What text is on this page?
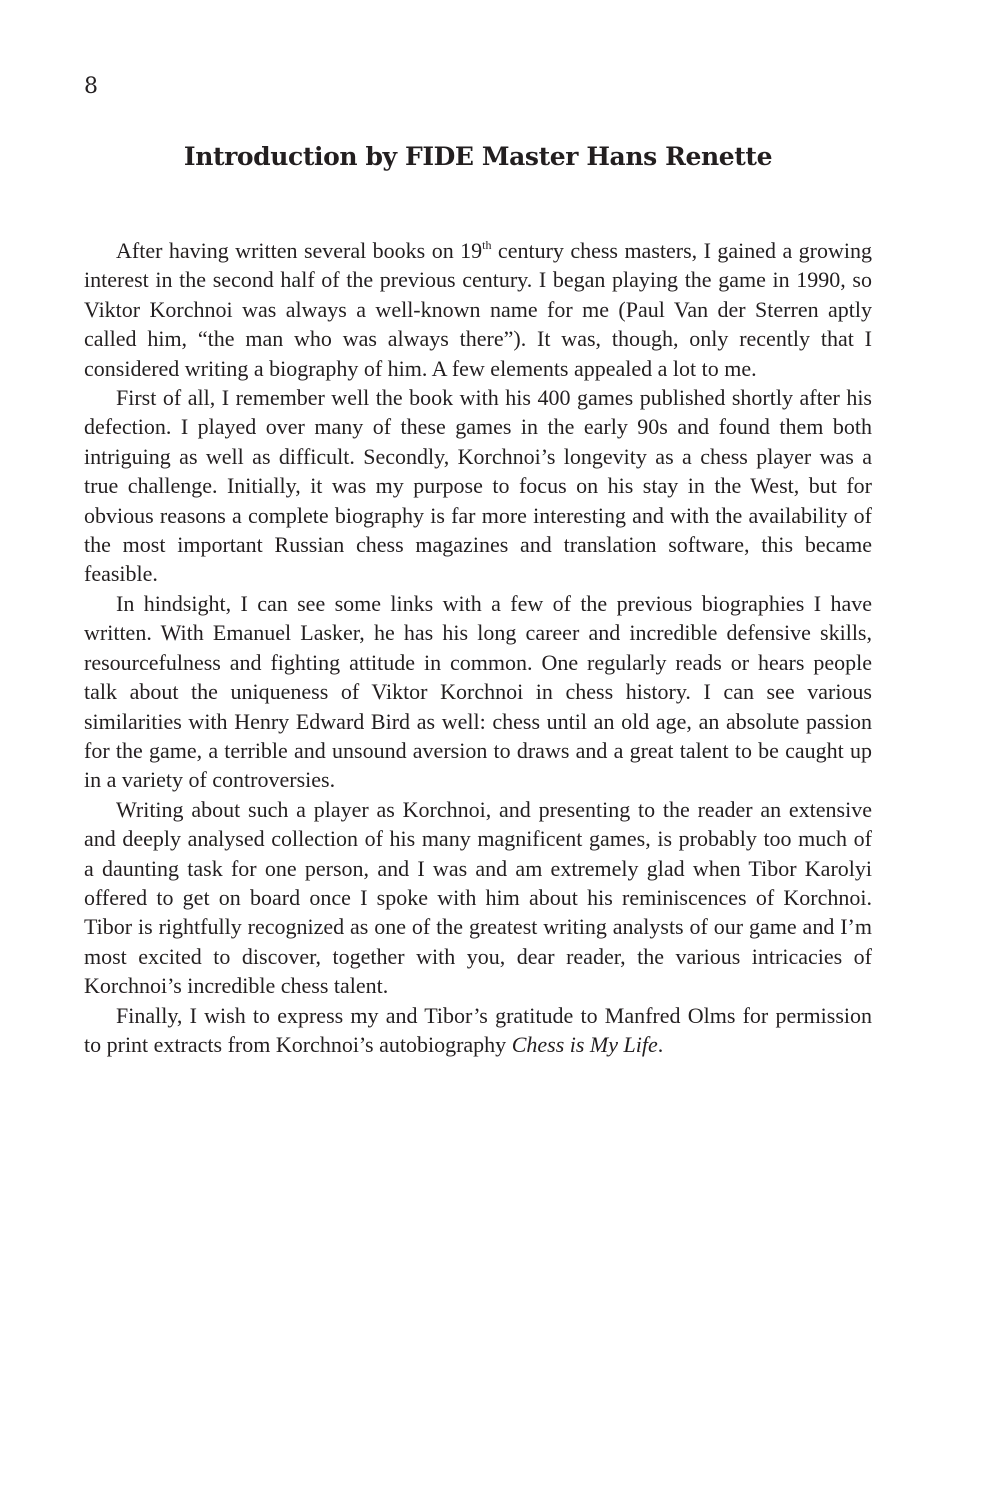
8
Introduction by FIDE Master Hans Renette

After having written several books on 19th century chess masters, I gained a growing interest in the second half of the previous century. I began playing the game in 1990, so Viktor Korchnoi was always a well-known name for me (Paul Van der Sterren aptly called him, “the man who was always there”). It was, though, only recently that I considered writing a biography of him. A few elements appealed a lot to me.

First of all, I remember well the book with his 400 games published shortly after his defection. I played over many of these games in the early 90s and found them both intriguing as well as difficult. Secondly, Korchnoi’s longevity as a chess player was a true challenge. Initially, it was my purpose to focus on his stay in the West, but for obvious reasons a complete biography is far more interesting and with the availability of the most important Russian chess magazines and translation software, this became feasible.

In hindsight, I can see some links with a few of the previous biographies I have written. With Emanuel Lasker, he has his long career and incredible defensive skills, resourcefulness and fighting attitude in common. One regularly reads or hears people talk about the uniqueness of Viktor Korchnoi in chess history. I can see various similarities with Henry Edward Bird as well: chess until an old age, an absolute passion for the game, a terrible and unsound aversion to draws and a great talent to be caught up in a variety of controversies.

Writing about such a player as Korchnoi, and presenting to the reader an extensive and deeply analysed collection of his many magnificent games, is probably too much of a daunting task for one person, and I was and am extremely glad when Tibor Karolyi offered to get on board once I spoke with him about his reminiscences of Korchnoi. Tibor is rightfully recognized as one of the greatest writing analysts of our game and I’m most excited to discover, together with you, dear reader, the various intricacies of Korchnoi’s incredible chess talent.

Finally, I wish to express my and Tibor’s gratitude to Manfred Olms for permission to print extracts from Korchnoi’s autobiography Chess is My Life.
